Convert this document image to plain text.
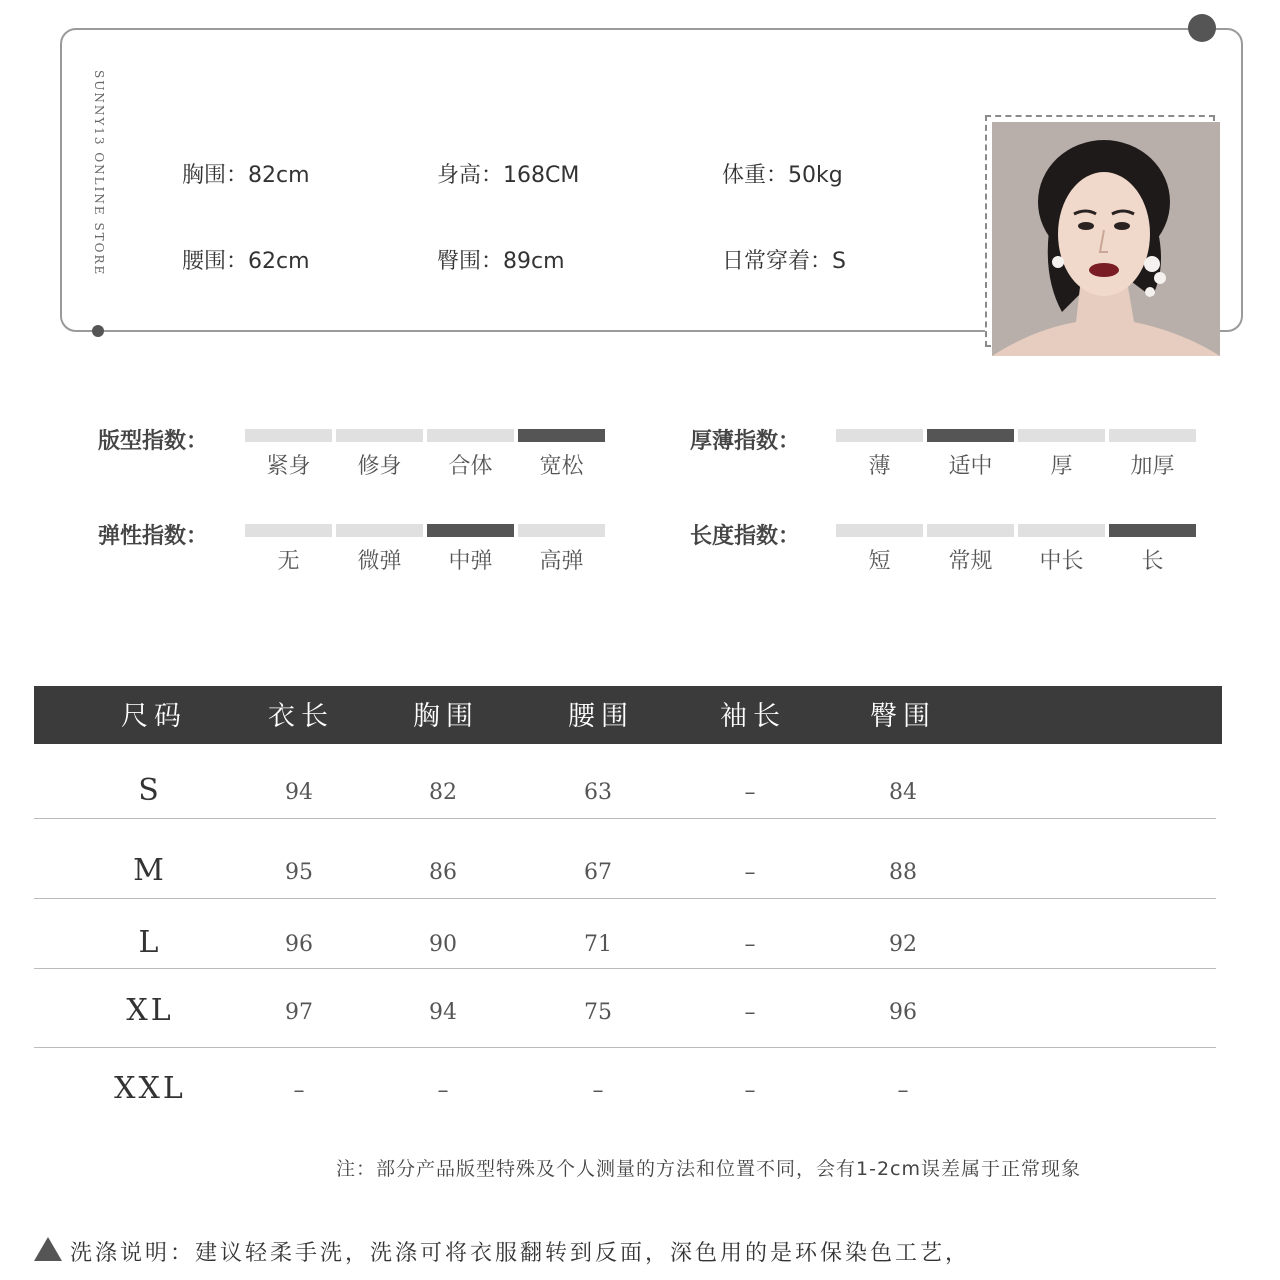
SUNNY13 ONLINE STORE	胸围：82cm	身高：168CM	体重：50kg
腰围：62cm	臀围：89cm	日常穿着：S
版型指数：	厚薄指数：
弹性指数：	长度指数：
紧身	修身	合体	宽松	薄	适中	厚	加厚
无	微弹	中弹	高弹	短	常规	中长	长
尺码	衣长	胸围	腰围	袖长	臀围
S	94	82	63	–	84
M	95	86	67	–	88
L	96	90	71	–	92
XL	97	94	75	–	96
XXL	–	–	–	–	–
注：部分产品版型特殊及个人测量的方法和位置不同，会有1-2cm误差属于正常现象
洗涤说明：建议轻柔手洗，洗涤可将衣服翻转到反面，深色用的是环保染色工艺，
